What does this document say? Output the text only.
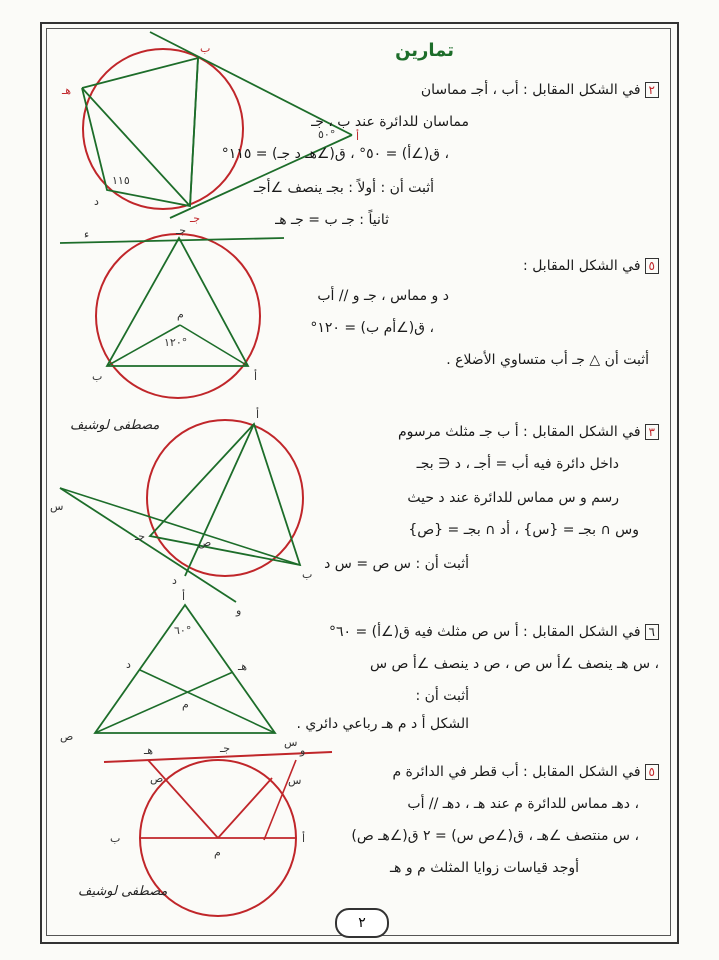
ب
هـ
أ
د
جـ
٥٠°
١١٥
جـ
ء
أ
ب
م
١٢٠°
أ
ب
جـ
د
س
و
ص
أ
٦٠°
د	هـ
م
ص	س
ب	أ
م
هـ	جـ
س
ص
و
تمارين
٢في الشكل المقابل : أب ، أجـ مماسان
مماسان للدائرة عند ب ، جـ
، ق(∠أ) = ٥٠° ، ق(∠هـ د جـ) = ١١٥°
أثبت أن : أولاً : بجـ ينصف ∠أجـ
ثانياً : جـ ب = جـ هـ
٥في الشكل المقابل :
د و مماس ، جـ و // أب
، ق(∠أم ب) = ١٢٠°
أثبت أن △ جـ أب متساوي الأضلاع .
مصطفى لوشيف	٣في الشكل المقابل : أ ب جـ مثلث مرسوم
داخل دائرة فيه أب = أجـ ، د ∈ بجـ
رسم و س مماس للدائرة عند د حيث
وس ∩ بجـ = {س} ، أد ∩ بجـ = {ص}
أثبت أن : س ص = س د
٦في الشكل المقابل : أ س ص مثلث فيه ق(∠أ) = ٦٠°
، س هـ ينصف ∠أ س ص ، ص د ينصف ∠أ ص س
أثبت أن :
الشكل أ د م هـ رباعي دائري .
٥في الشكل المقابل : أب قطر في الدائرة م
، دهـ مماس للدائرة م عند هـ ، دهـ // أب
، س منتصف ∠هـ ، ق(∠ص س) = ٢ ق(∠هـ ص)
أوجد قياسات زوايا المثلث م و هـ
مصطفى لوشيف
٢
